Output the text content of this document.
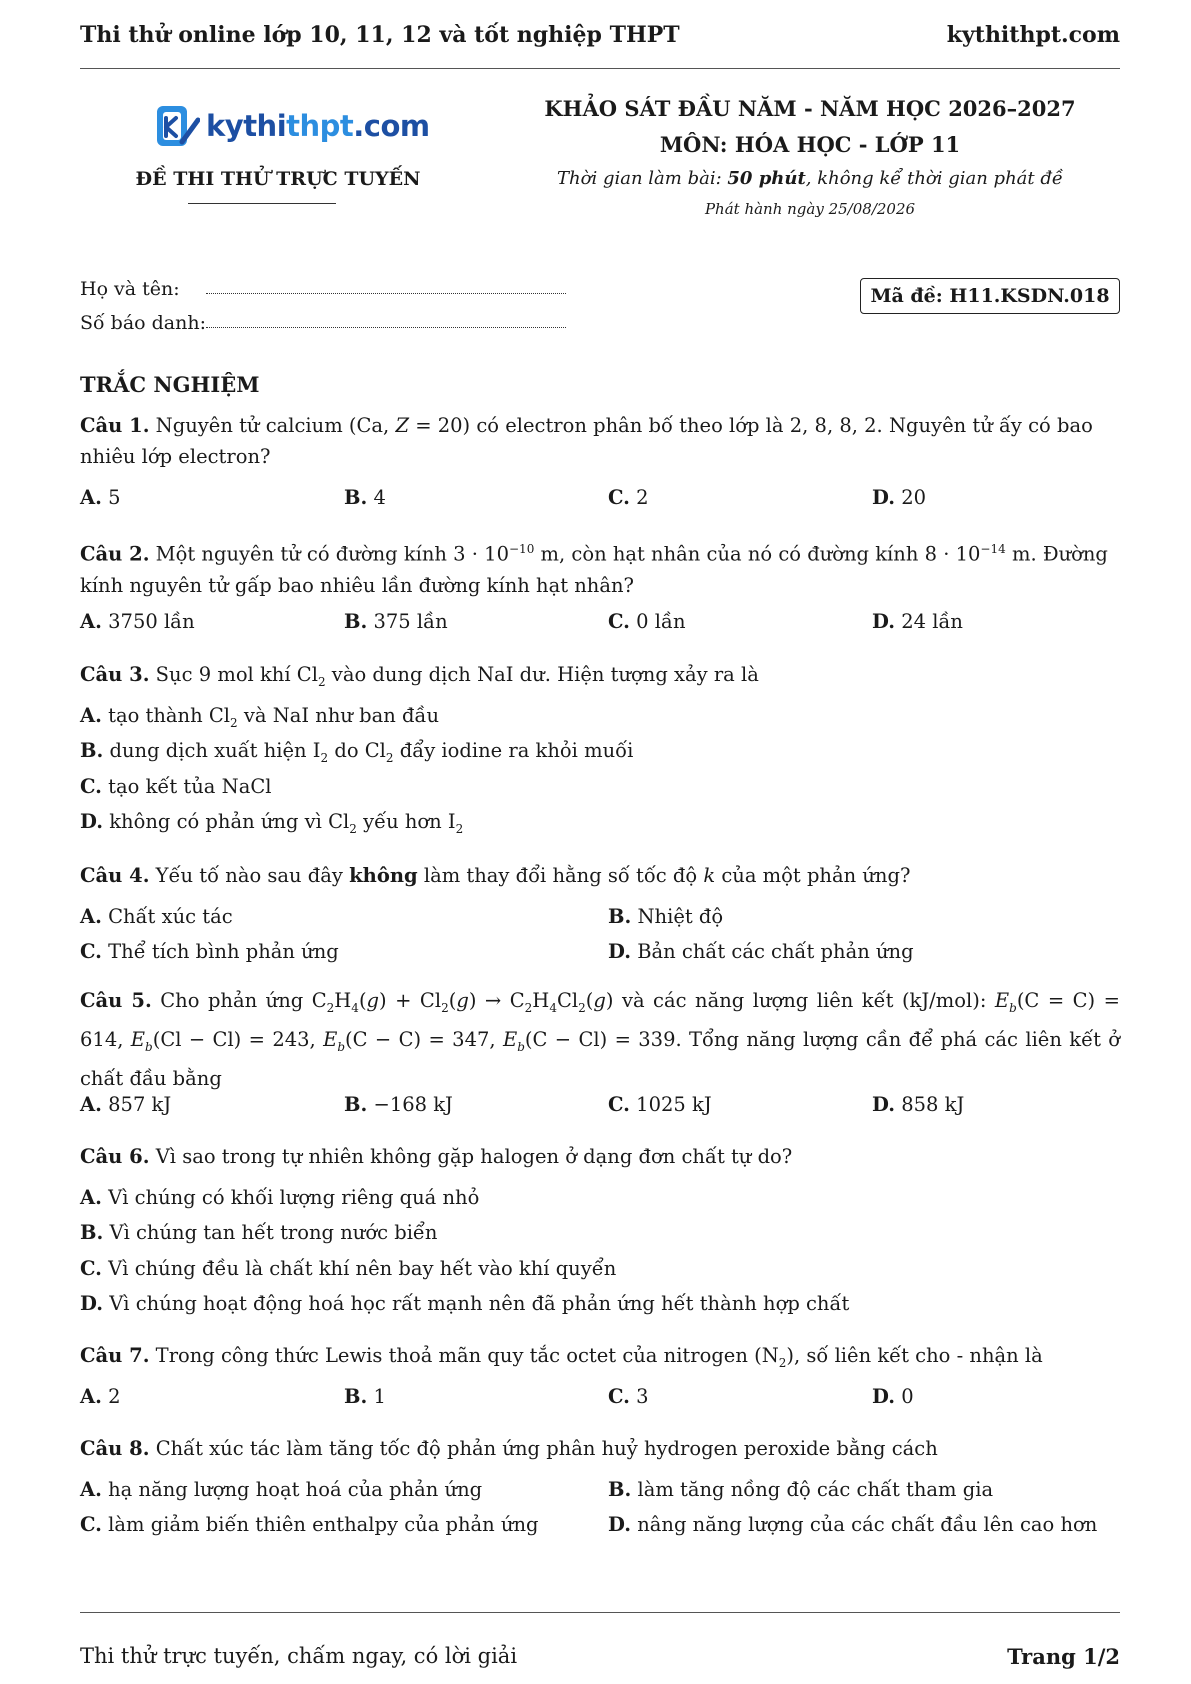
Thi thử online lớp 10, 11, 12 và tốt nghiệp THPT	kythithpt.com
kythithpt.com
ĐỀ THI THỬ TRỰC TUYẾN
KHẢO SÁT ĐẦU NĂM - NĂM HỌC 2026–2027
MÔN: HÓA HỌC - LỚP 11
Thời gian làm bài: 50 phút, không kể thời gian phát đề
Phát hành ngày 25/08/2026
Họ và tên:
Số báo danh:
Mã đề: H11.KSDN.018
TRẮC NGHIỆM
Câu 1. Nguyên tử calcium (Ca, Z = 20) có electron phân bố theo lớp là 2, 8, 8, 2. Nguyên tử ấy có bao nhiêu lớp electron?
A. 5	B. 4	C. 2	D. 20
Câu 2. Một nguyên tử có đường kính $3 \cdot 10^{-10}$ m, còn hạt nhân của nó có đường kính $8 \cdot 10^{-14}$ m. Đường kính nguyên tử gấp bao nhiêu lần đường kính hạt nhân?
A. 3750 lần	B. 375 lần	C. 0 lần	D. 24 lần
Câu 3. Sục 9 mol khí $Cl_2$ vào dung dịch NaI dư. Hiện tượng xảy ra là
A. tạo thành $Cl_2$ và NaI như ban đầu
B. dung dịch xuất hiện $I_2$ do $Cl_2$ đẩy iodine ra khỏi muối
C. tạo kết tủa NaCl
D. không có phản ứng vì $Cl_2$ yếu hơn $I_2$
Câu 4. Yếu tố nào sau đây không làm thay đổi hằng số tốc độ k của một phản ứng?
A. Chất xúc tác	B. Nhiệt độ
C. Thể tích bình phản ứng	D. Bản chất các chất phản ứng
Câu 5. Cho phản ứng $C_2H_4(g) + Cl_2(g) \to C_2H_4Cl_2(g)$ và các năng lượng liên kết (kJ/mol): $E_b(C = C) = 614$, $E_b(Cl - Cl) = 243$, $E_b(C - C) = 347$, $E_b(C - Cl) = 339$. Tổng năng lượng cần để phá các liên kết ở chất đầu bằng
A. 857 kJ	B. −168 kJ	C. 1025 kJ	D. 858 kJ
Câu 6. Vì sao trong tự nhiên không gặp halogen ở dạng đơn chất tự do?
A. Vì chúng có khối lượng riêng quá nhỏ
B. Vì chúng tan hết trong nước biển
C. Vì chúng đều là chất khí nên bay hết vào khí quyển
D. Vì chúng hoạt động hoá học rất mạnh nên đã phản ứng hết thành hợp chất
Câu 7. Trong công thức Lewis thoả mãn quy tắc octet của nitrogen $(N_2)$, số liên kết cho - nhận là
A. 2	B. 1	C. 3	D. 0
Câu 8. Chất xúc tác làm tăng tốc độ phản ứng phân huỷ hydrogen peroxide bằng cách
A. hạ năng lượng hoạt hoá của phản ứng	B. làm tăng nồng độ các chất tham gia
C. làm giảm biến thiên enthalpy của phản ứng	D. nâng năng lượng của các chất đầu lên cao hơn
Thi thử trực tuyến, chấm ngay, có lời giải	Trang 1/2
